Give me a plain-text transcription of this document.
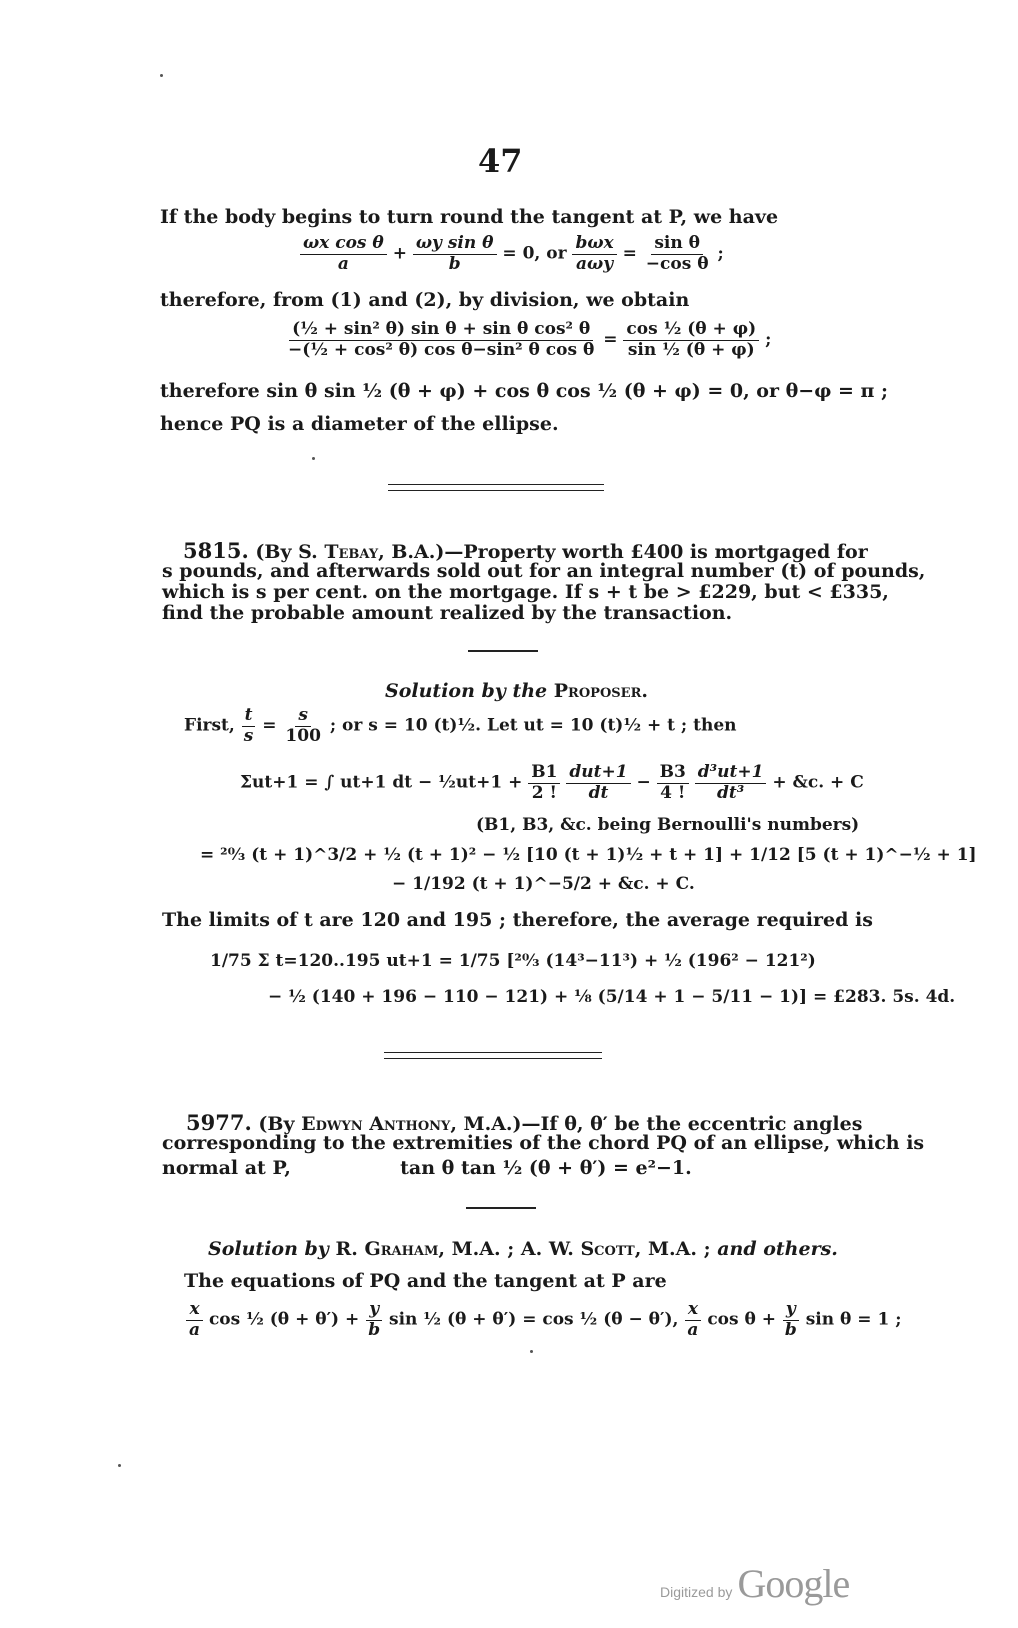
47
If the body begins to turn round the tangent at P, we have
$\frac{\text{ωx cos θ}}{a} + \frac{\text{ωy sin θ}}{b} = 0$, or $\frac{\text{bωx}}{\text{aωy}} = \frac{\text{sin θ}}{\text{−cos θ}}$ ;
therefore, from (1) and (2), by division, we obtain
$\frac{\text{(½ + sin² θ) sin θ + sin θ cos² θ}}{\text{−(½ + cos² θ) cos θ−sin² θ cos θ}} = \frac{\text{cos ½ (θ + φ)}}{\text{sin ½ (θ + φ)}}$ ;
therefore sin θ sin ½ (θ + φ) + cos θ cos ½ (θ + φ) = 0, or θ−φ = π ;
hence PQ is a diameter of the ellipse.
5815. (By S. Tebay, B.A.)—Property worth £400 is mortgaged for
s pounds, and afterwards sold out for an integral number (t) of pounds,
which is s per cent. on the mortgage. If s + t be > £229, but < £335,
find the probable amount realized by the transaction.
Solution by the Proposer.
First, $\frac{t}{s} = \frac{s}{100}$ ; or s = 10 (t)½. Let ut = 10 (t)½ + t ; then
Σut+1 = ∫ ut+1 dt − ½ut+1 + $\frac{B1}{2 !}$
$\frac{\text{dut+1}}{dt} - \frac{B3}{4 !}$
$\frac{\text{d³ut+1}}{\text{dt³}}$ + &c. + C
(B1, B3, &c. being Bernoulli's numbers)
= ²⁰⁄₃ (t + 1)^3/2 + ½ (t + 1)² − ½ [10 (t + 1)½ + t + 1] + 1/12 [5 (t + 1)^−½ + 1]
− 1/192 (t + 1)^−5/2 + &c. + C.
The limits of t are 120 and 195 ; therefore, the average required is
1/75 Σ t=120..195 ut+1 = 1/75 [²⁰⁄₃ (14³−11³) + ½ (196² − 121²)
− ½ (140 + 196 − 110 − 121) + ⅛ (5/14 + 1 − 5/11 − 1)] = £283. 5s. 4d.
5977. (By Edwyn Anthony, M.A.)—If θ, θ′ be the eccentric angles
corresponding to the extremities of the chord PQ of an ellipse, which is
normal at P,	tan θ tan ½ (θ + θ′) = e²−1.
Solution by R. Graham, M.A. ; A. W. Scott, M.A. ; and others.
The equations of PQ and the tangent at P are
$\frac{x}{a}$ cos ½ $(\theta + \theta') + \frac{y}{b}$ sin ½ (θ + θ′) = cos ½ (θ − θ′), $\frac{x}{a}$ $\cos \theta + \frac{y}{b}$ sin θ = 1 ;
Digitized by Google
